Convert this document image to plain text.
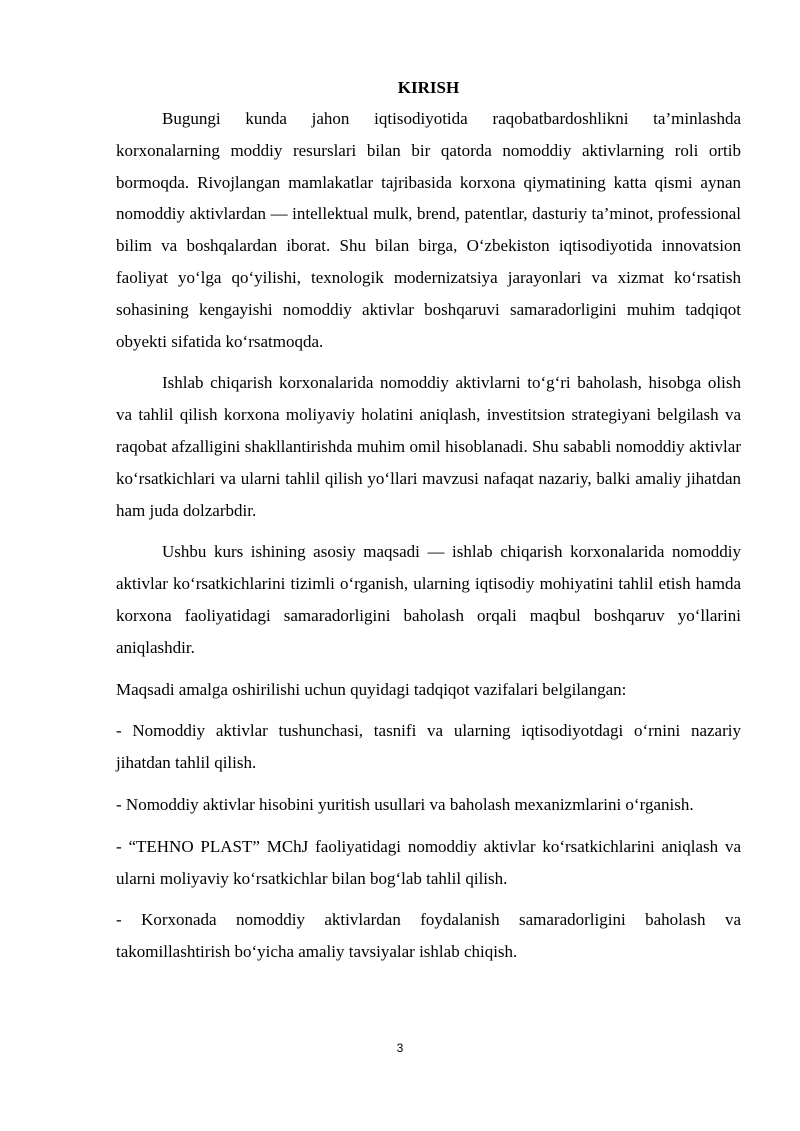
KIRISH

Bugungi kunda jahon iqtisodiyotida raqobatbardoshlikni ta’minlashda korxonalarning moddiy resurslari bilan bir qatorda nomoddiy aktivlarning roli ortib bormoqda. Rivojlangan mamlakatlar tajribasida korxona qiymatining katta qismi aynan nomoddiy aktivlardan — intellektual mulk, brend, patentlar, dasturiy ta’minot, professional bilim va boshqalardan iborat. Shu bilan birga, O‘zbekiston iqtisodiyotida innovatsion faoliyat yo‘lga qo‘yilishi, texnologik modernizatsiya jarayonlari va xizmat ko‘rsatish sohasining kengayishi nomoddiy aktivlar boshqaruvi samaradorligini muhim tadqiqot obyekti sifatida ko‘rsatmoqda.

Ishlab chiqarish korxonalarida nomoddiy aktivlarni to‘g‘ri baholash, hisobga olish va tahlil qilish korxona moliyaviy holatini aniqlash, investitsion strategiyani belgilash va raqobat afzalligini shakllantirishda muhim omil hisoblanadi. Shu sababli nomoddiy aktivlar ko‘rsatkichlari va ularni tahlil qilish yo‘llari mavzusi nafaqat nazariy, balki amaliy jihatdan ham juda dolzarbdir.

Ushbu kurs ishining asosiy maqsadi — ishlab chiqarish korxonalarida nomoddiy aktivlar ko‘rsatkichlarini tizimli o‘rganish, ularning iqtisodiy mohiyatini tahlil etish hamda korxona faoliyatidagi samaradorligini baholash orqali maqbul boshqaruv yo‘llarini aniqlashdir.

Maqsadi amalga oshirilishi uchun quyidagi tadqiqot vazifalari belgilangan:

- Nomoddiy aktivlar tushunchasi, tasnifi va ularning iqtisodiyotdagi o‘rnini nazariy jihatdan tahlil qilish.

- Nomoddiy aktivlar hisobini yuritish usullari va baholash mexanizmlarini o‘rganish.

- “TEHNO PLAST” MChJ faoliyatidagi nomoddiy aktivlar ko‘rsatkichlarini aniqlash va ularni moliyaviy ko‘rsatkichlar bilan bog‘lab tahlil qilish.

- Korxonada nomoddiy aktivlardan foydalanish samaradorligini baholash va takomillashtirish bo‘yicha amaliy tavsiyalar ishlab chiqish.

3
